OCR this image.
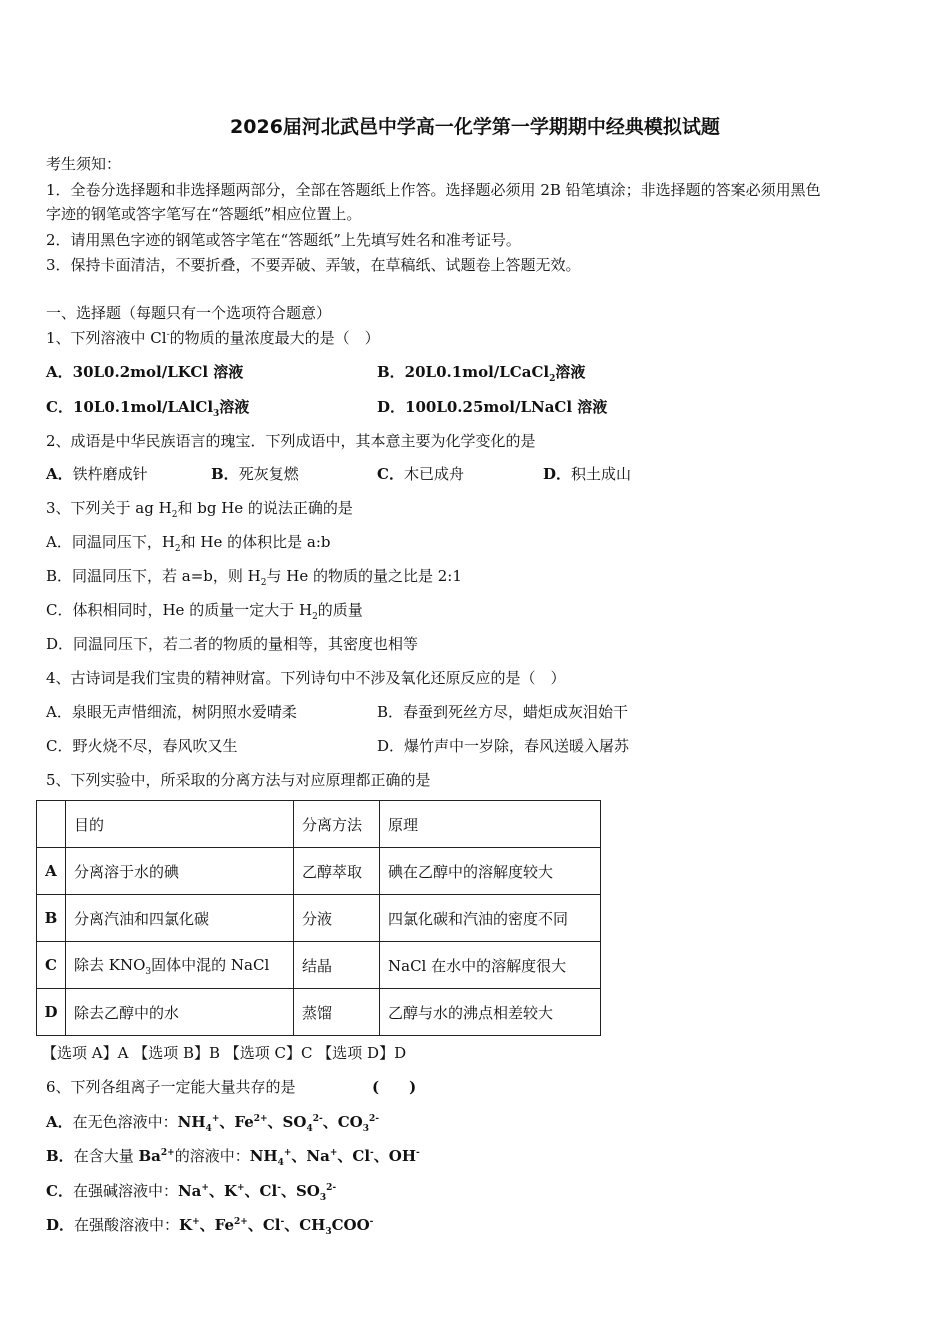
2026届河北武邑中学高一化学第一学期期中经典模拟试题
考生须知：
1．全卷分选择题和非选择题两部分，全部在答题纸上作答。选择题必须用 2B 铅笔填涂；非选择题的答案必须用黑色
字迹的钢笔或答字笔写在“答题纸”相应位置上。
2．请用黑色字迹的钢笔或答字笔在“答题纸”上先填写姓名和准考证号。
3．保持卡面清洁，不要折叠，不要弄破、弄皱，在草稿纸、试题卷上答题无效。
一、选择题（每题只有一个选项符合题意）
1、下列溶液中 Cl-的物质的量浓度最大的是（　）
A．30L0.2mol/LKCl 溶液	B．20L0.1mol/LCaCl$_2$溶液
C．10L0.1mol/LAlCl$_3$溶液	D．100L0.25mol/LNaCl 溶液
2、成语是中华民族语言的瑰宝．下列成语中，其本意主要为化学变化的是
A．铁杵磨成针	B．死灰复燃	C．木已成舟	D．积土成山
3、下列关于 ag $H_2$和 bg He 的说法正确的是
A．同温同压下，$H_2$和 He 的体积比是 a:b
B．同温同压下，若 a=b，则 $H_2$与 He 的物质的量之比是 2:1
C．体积相同时，He 的质量一定大于 $H_2$的质量
D．同温同压下，若二者的物质的量相等，其密度也相等
4、古诗词是我们宝贵的精神财富。下列诗句中不涉及氧化还原反应的是（　）
A．泉眼无声惜细流，树阴照水爱晴柔	B．春蚕到死丝方尽，蜡炬成灰泪始干
C．野火烧不尽，春风吹又生	D．爆竹声中一岁除，春风送暖入屠苏
5、下列实验中，所采取的分离方法与对应原理都正确的是
	目的	分离方法	原理
A	分离溶于水的碘	乙醇萃取	碘在乙醇中的溶解度较大
B	分离汽油和四氯化碳	分液	四氯化碳和汽油的密度不同
C	除去 $KNO_3$固体中混的 NaCl	结晶	NaCl 在水中的溶解度很大
D	除去乙醇中的水	蒸馏	乙醇与水的沸点相差较大
【选项 A】A 【选项 B】B 【选项 C】C 【选项 D】D
6、下列各组离子一定能大量共存的是	(　　)
A．在无色溶液中：$NH_4^+$、$Fe^{2+}$、$SO_4^{2-}$、$CO_3^{2-}$
B．在含大量 $Ba^{2+}$的溶液中：$NH_4^+$、Na+、Cl-、OH-
C．在强碱溶液中：Na+、K+、Cl-、$SO_3^{2-}$
D．在强酸溶液中：K+、$Fe^{2+}$、Cl-、$CH_3COO^-$
